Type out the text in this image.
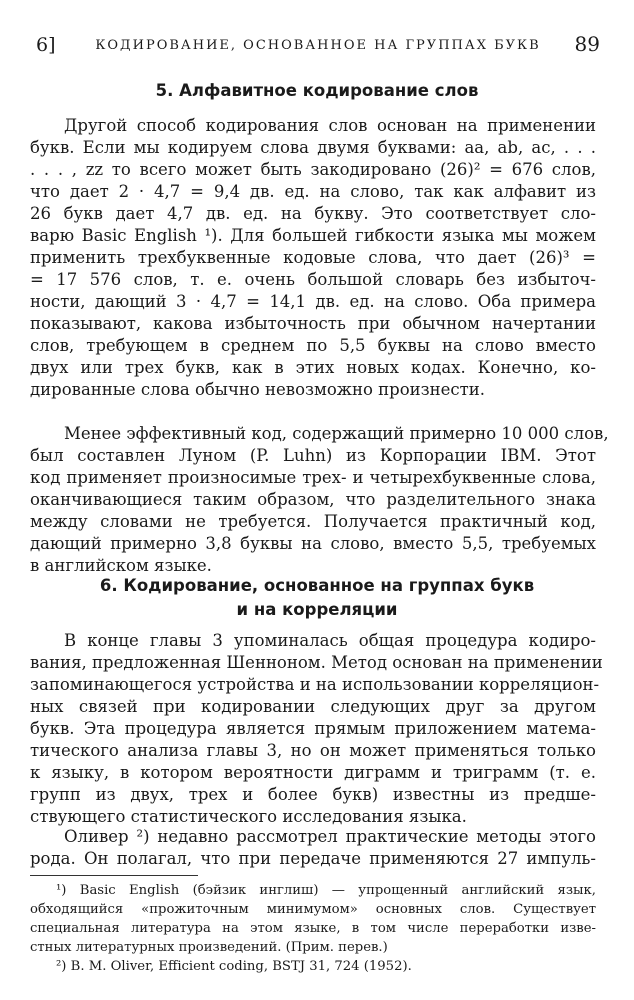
6]	КОДИРОВАНИЕ, ОСНОВАННОЕ НА ГРУППАХ БУКВ	89
5. Алфавитное кодирование слов
Другой способ кодирования слов основан на применении
букв. Если мы кодируем слова двумя буквами: aa, ab, ac, . . .
. . . , zz то всего может быть закодировано (26)² = 676 слов,
что дает 2 · 4,7 = 9,4 дв. ед. на слово, так как алфавит из
26 букв дает 4,7 дв. ед. на букву. Это соответствует сло-
варю Basic English ¹). Для большей гибкости языка мы можем
применить трехбуквенные кодовые слова, что дает (26)³ =
= 17 576 слов, т. е. очень большой словарь без избыточ-
ности, дающий 3 · 4,7 = 14,1 дв. ед. на слово. Оба примера
показывают, какова избыточность при обычном начертании
слов, требующем в среднем по 5,5 буквы на слово вместо
двух или трех букв, как в этих новых кодах. Конечно, ко-
дированные слова обычно невозможно произнести.
Менее эффективный код, содержащий примерно 10 000 слов,
был составлен Луном (P. Luhn) из Корпорации IBM. Этот
код применяет произносимые трех- и четырехбуквенные слова,
оканчивающиеся таким образом, что разделительного знака
между словами не требуется. Получается практичный код,
дающий примерно 3,8 буквы на слово, вместо 5,5, требуемых
в английском языке.
6. Кодирование, основанное на группах букв
и на корреляции
В конце главы 3 упоминалась общая процедура кодиро-
вания, предложенная Шенноном. Метод основан на применении
запоминающегося устройства и на использовании корреляцион-
ных связей при кодировании следующих друг за другом
букв. Эта процедура является прямым приложением матема-
тического анализа главы 3, но он может применяться только
к языку, в котором вероятности диграмм и триграмм (т. е.
групп из двух, трех и более букв) известны из предше-
ствующего статистического исследования языка.
Оливер ²) недавно рассмотрел практические методы этого
рода. Он полагал, что при передаче применяются 27 импуль-
¹) Basic English (бэйзик инглиш) — упрощенный английский язык,
обходящийся «прожиточным минимумом» основных слов. Существует
специальная литература на этом языке, в том числе переработки изве-
стных литературных произведений. (Прим. перев.)
²) B. M. Oliver, Efficient coding, BSTJ 31, 724 (1952).
